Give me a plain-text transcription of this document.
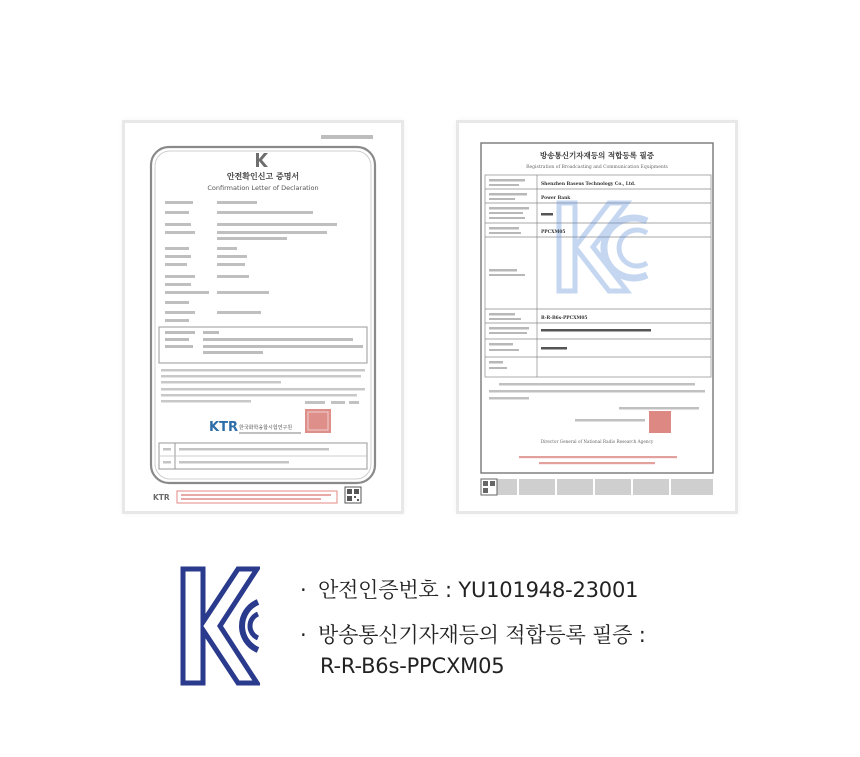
안전확인신고 증명서
Confirmation Letter of Declaration
KTR 한국화학융합시험연구원
KTR
방송통신기자재등의 적합등록 필증
Registration of Broadcasting and Communication Equipments
Shenzhen Baseus Technology Co., Ltd.
Power Bank
PPCXM05
R-R-B6s-PPCXM05
Director General of National Radio Research Agency
· 안전인증번호 : YU101948-23001
· 방송통신기자재등의 적합등록 필증 :
R-R-B6s-PPCXM05
